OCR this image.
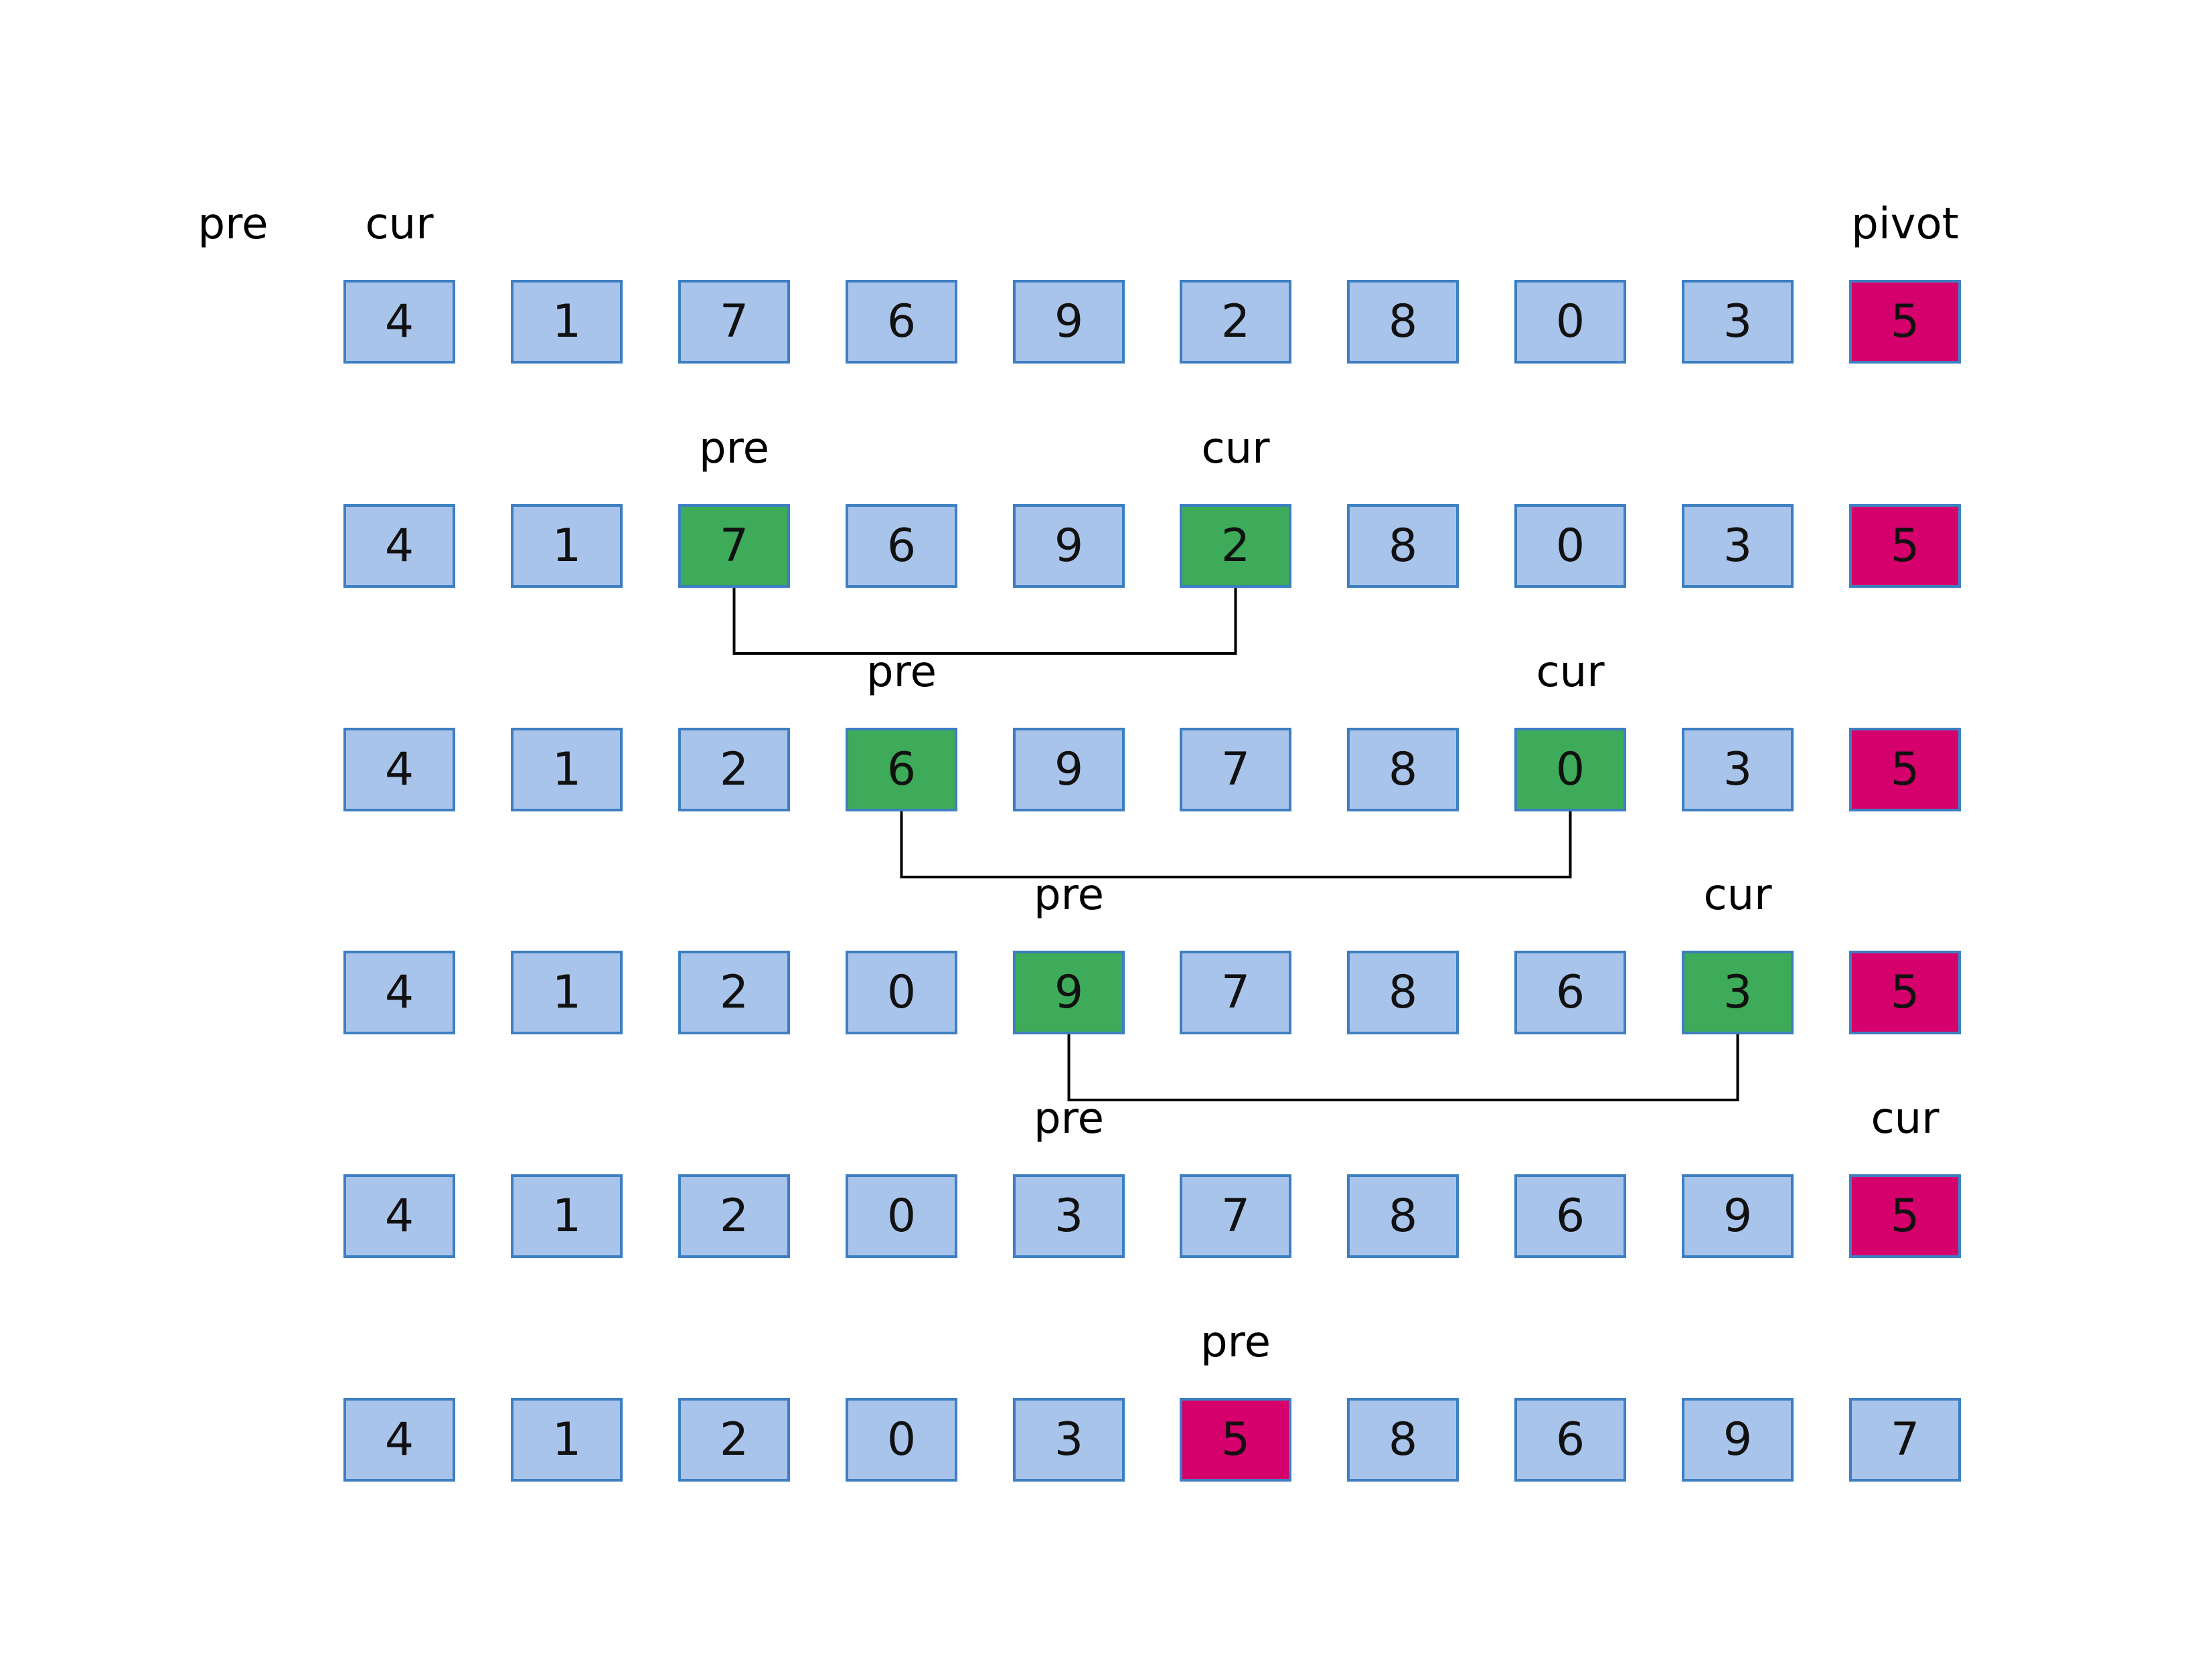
4	1	7	6	9	2	8	0	3	5
pre	cur	pivot
4	1	7	6	9	2	8	0	3	5
pre	cur
4	1	2	6	9	7	8	0	3	5
pre	cur
4	1	2	0	9	7	8	6	3	5
pre	cur
4	1	2	0	3	7	8	6	9	5
pre	cur
4	1	2	0	3	5	8	6	9	7
pre
